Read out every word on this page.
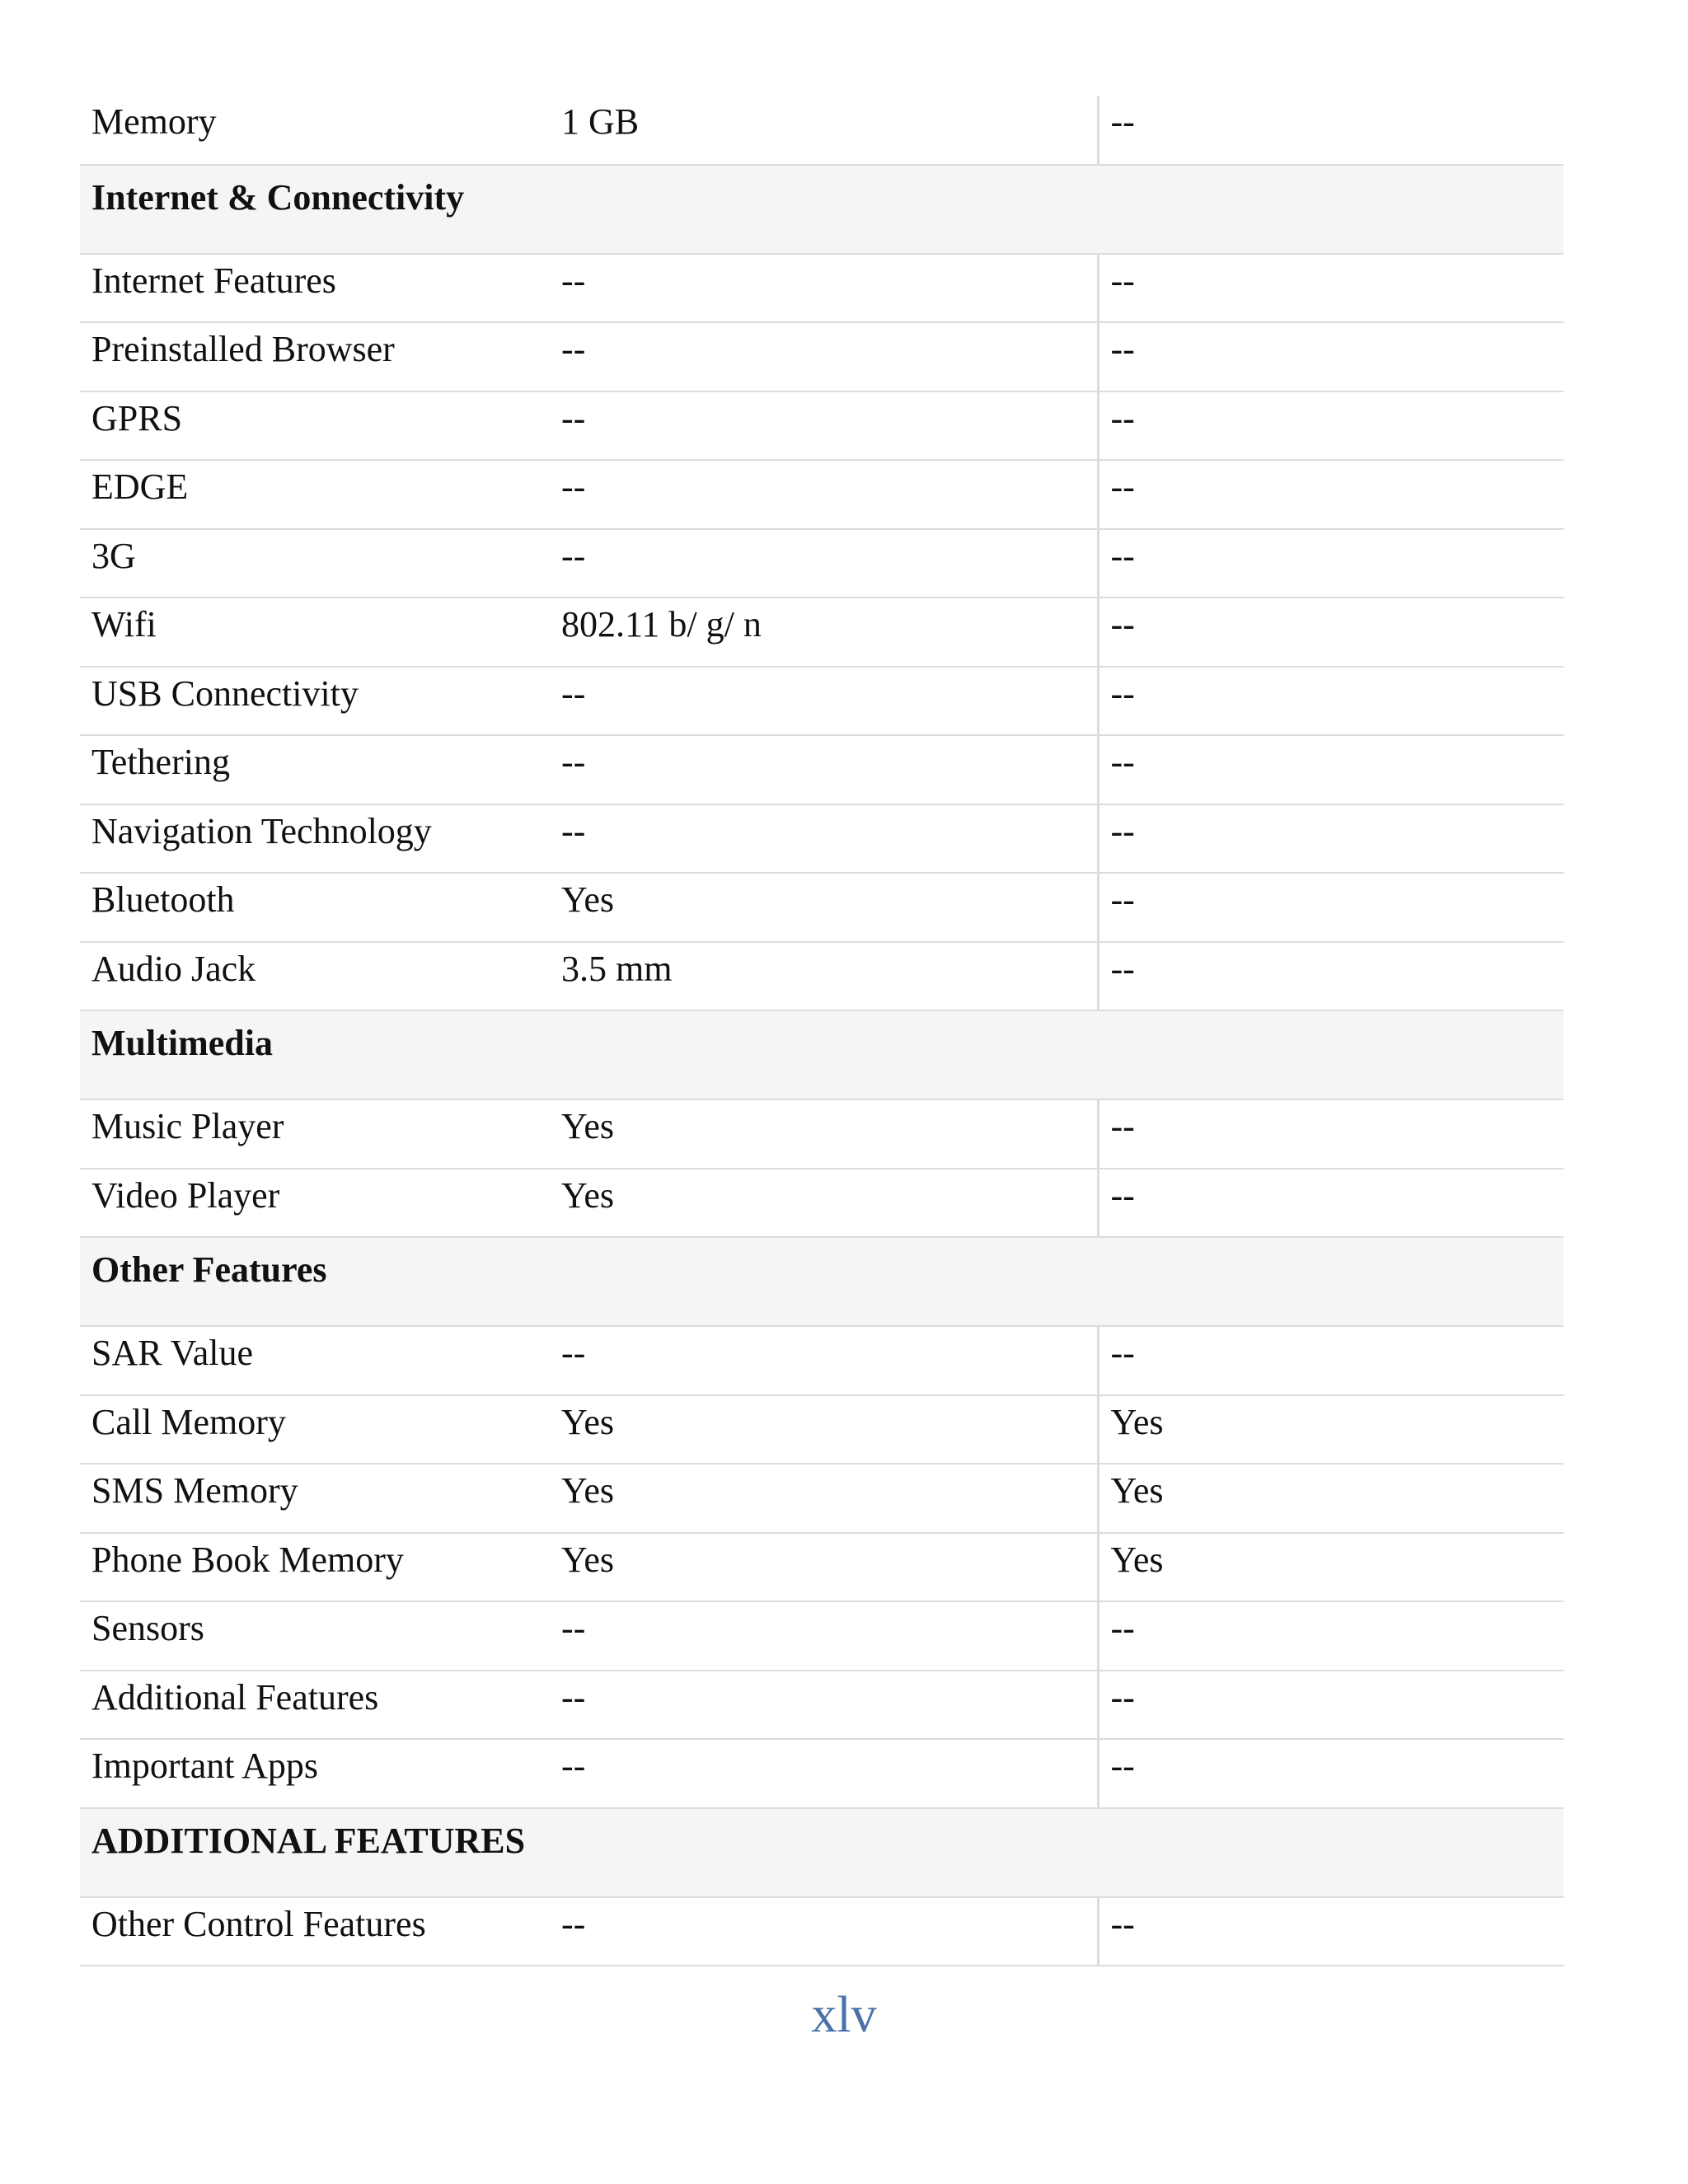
Memory	1 GB	--
Internet & Connectivity		
Internet Features	--	--
Preinstalled Browser	--	--
GPRS	--	--
EDGE	--	--
3G	--	--
Wifi	802.11 b/ g/ n	--
USB Connectivity	--	--
Tethering	--	--
Navigation Technology	--	--
Bluetooth	Yes	--
Audio Jack	3.5 mm	--
Multimedia		
Music Player	Yes	--
Video Player	Yes	--
Other Features		
SAR Value	--	--
Call Memory	Yes	Yes
SMS Memory	Yes	Yes
Phone Book Memory	Yes	Yes
Sensors	--	--
Additional Features	--	--
Important Apps	--	--
ADDITIONAL FEATURES		
Other Control Features	--	--
xlv
